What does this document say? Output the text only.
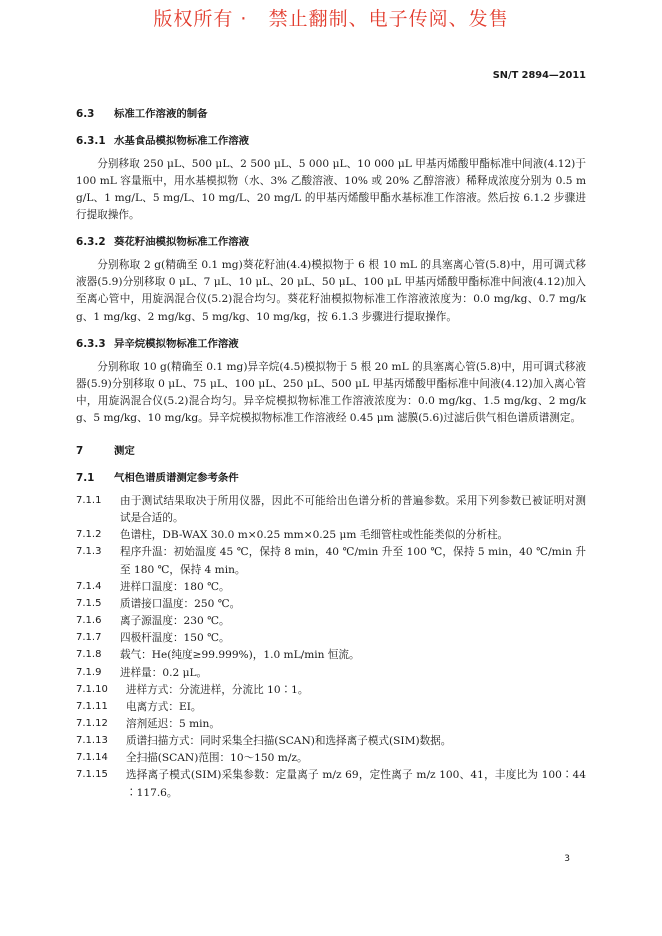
版权所有 ·   禁止翻制、电子传阅、发售
SN/T 2894—2011

6.3 标准工作溶液的制备

6.3.1 水基食品模拟物标准工作溶液

分别移取 250 μL、500 μL、2 500 μL、5 000 μL、10 000 μL 甲基丙烯酸甲酯标准中间液(4.12)于 100 mL 容量瓶中，用水基模拟物（水、3% 乙酸溶液、10% 或 20% 乙醇溶液）稀释成浓度分别为 0.5 mg/L、1 mg/L、5 mg/L、10 mg/L、20 mg/L 的甲基丙烯酸甲酯水基标准工作溶液。然后按 6.1.2 步骤进行提取操作。

6.3.2 葵花籽油模拟物标准工作溶液

分别称取 2 g(精确至 0.1 mg)葵花籽油(4.4)模拟物于 6 根 10 mL 的具塞离心管(5.8)中，用可调式移液器(5.9)分别移取 0 μL、7 μL、10 μL、20 μL、50 μL、100 μL 甲基丙烯酸甲酯标准中间液(4.12)加入至离心管中，用旋涡混合仪(5.2)混合均匀。葵花籽油模拟物标准工作溶液浓度为：0.0 mg/kg、0.7 mg/kg、1 mg/kg、2 mg/kg、5 mg/kg、10 mg/kg，按 6.1.3 步骤进行提取操作。

6.3.3 异辛烷模拟物标准工作溶液

分别称取 10 g(精确至 0.1 mg)异辛烷(4.5)模拟物于 5 根 20 mL 的具塞离心管(5.8)中，用可调式移液器(5.9)分别移取 0 μL、75 μL、100 μL、250 μL、500 μL 甲基丙烯酸甲酯标准中间液(4.12)加入离心管中，用旋涡混合仪(5.2)混合均匀。异辛烷模拟物标准工作溶液浓度为：0.0 mg/kg、1.5 mg/kg、2 mg/kg、5 mg/kg、10 mg/kg。异辛烷模拟物标准工作溶液经 0.45 μm 滤膜(5.6)过滤后供气相色谱质谱测定。

7	测定

7.1 气相色谱质谱测定参考条件

7.1.1	由于测试结果取决于所用仪器，因此不可能给出色谱分析的普遍参数。采用下列参数已被证明对测试是合适的。

7.1.2	色谱柱，DB-WAX 30.0 m×0.25 mm×0.25 μm 毛细管柱或性能类似的分析柱。

7.1.3	程序升温：初始温度 45 ℃，保持 8 min，40 ℃/min 升至 100 ℃，保持 5 min，40 ℃/min 升至 180 ℃，保持 4 min。

7.1.4	进样口温度：180 ℃。

7.1.5	质谱接口温度：250 ℃。

7.1.6	离子源温度：230 ℃。

7.1.7	四极杆温度：150 ℃。

7.1.8	载气：He(纯度≥99.999%)，1.0 mL/min 恒流。

7.1.9	进样量：0.2 μL。

7.1.10	进样方式：分流进样，分流比 10∶1。

7.1.11	电离方式：EI。

7.1.12	溶剂延迟：5 min。

7.1.13	质谱扫描方式：同时采集全扫描(SCAN)和选择离子模式(SIM)数据。

7.1.14	全扫描(SCAN)范围：10～150 m/z。

7.1.15	选择离子模式(SIM)采集参数：定量离子 m/z 69，定性离子 m/z 100、41，丰度比为 100∶44∶117.6。

3
